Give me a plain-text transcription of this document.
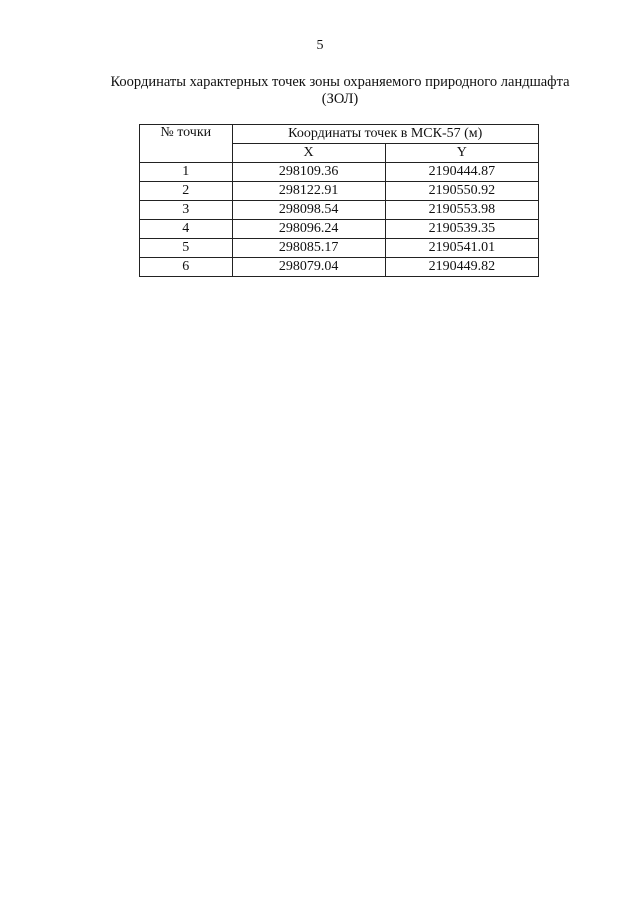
5
Координаты характерных точек зоны охраняемого природного ландшафта
(ЗОЛ)
№ точки	Координаты точек в МСК-57 (м)	
	X	Y
1	298109.36	2190444.87
2	298122.91	2190550.92
3	298098.54	2190553.98
4	298096.24	2190539.35
5	298085.17	2190541.01
6	298079.04	2190449.82
